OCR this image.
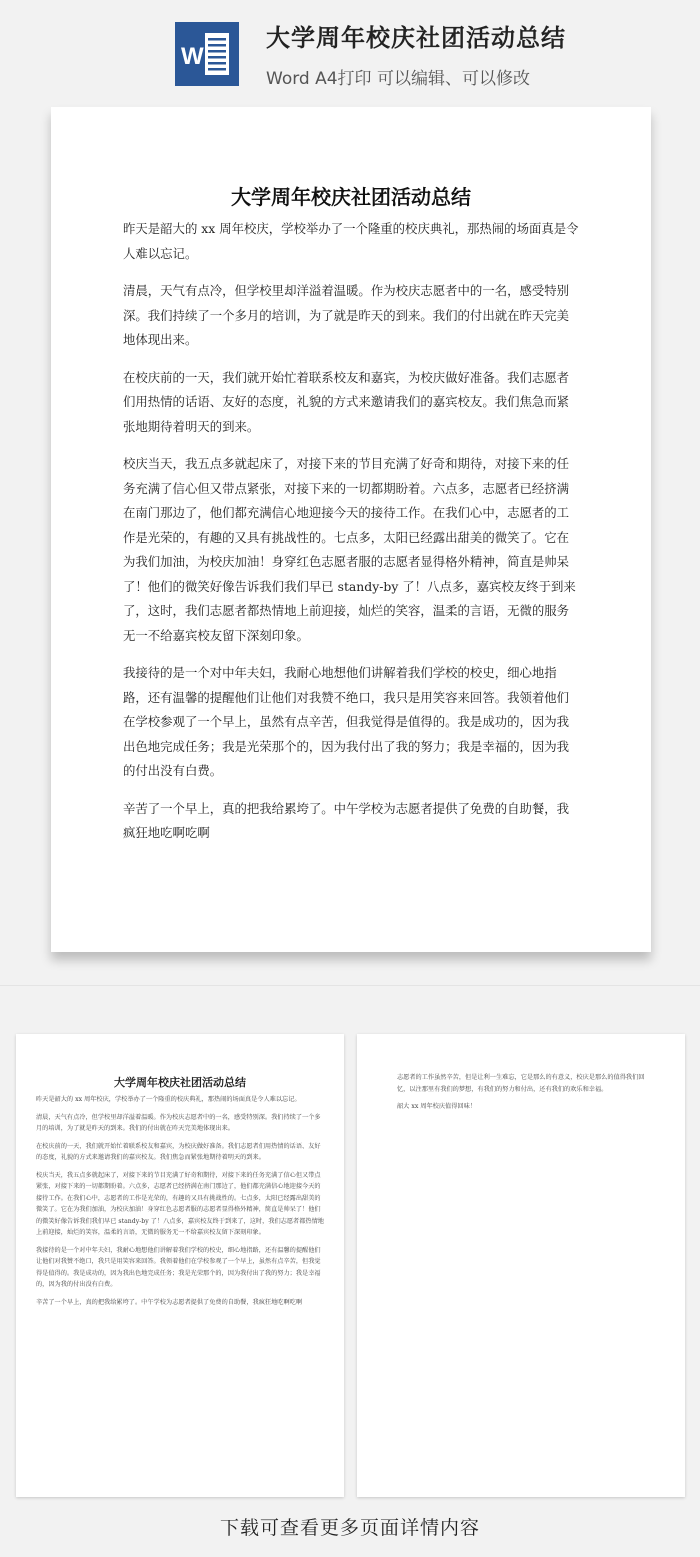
W
大学周年校庆社团活动总结
Word A4打印 可以编辑、可以修改
大学周年校庆社团活动总结

昨天是韶大的 xx 周年校庆，学校举办了一个隆重的校庆典礼，那热闹的场面真是令人难以忘记。

清晨，天气有点冷，但学校里却洋溢着温暖。作为校庆志愿者中的一名，感受特别深。我们持续了一个多月的培训，为了就是昨天的到来。我们的付出就在昨天完美地体现出来。

在校庆前的一天，我们就开始忙着联系校友和嘉宾，为校庆做好准备。我们志愿者们用热情的话语、友好的态度，礼貌的方式来邀请我们的嘉宾校友。我们焦急而紧张地期待着明天的到来。

校庆当天，我五点多就起床了，对接下来的节目充满了好奇和期待，对接下来的任务充满了信心但又带点紧张，对接下来的一切都期盼着。六点多，志愿者已经挤满在南门那边了，他们都充满信心地迎接今天的接待工作。在我们心中，志愿者的工作是光荣的，有趣的又具有挑战性的。七点多，太阳已经露出甜美的微笑了。它在为我们加油，为校庆加油！身穿红色志愿者服的志愿者显得格外精神，简直是帅呆了！他们的微笑好像告诉我们我们早已 standy-by 了！八点多，嘉宾校友终于到来了，这时，我们志愿者都热情地上前迎接，灿烂的笑容，温柔的言语，无微的服务无一不给嘉宾校友留下深刻印象。

我接待的是一个对中年夫妇，我耐心地想他们讲解着我们学校的校史，细心地指路，还有温馨的提醒他们让他们对我赞不绝口，我只是用笑容来回答。我领着他们在学校参观了一个早上，虽然有点辛苦，但我觉得是值得的。我是成功的，因为我出色地完成任务；我是光荣那个的，因为我付出了我的努力；我是幸福的，因为我的付出没有白费。

辛苦了一个早上，真的把我给累垮了。中午学校为志愿者提供了免费的自助餐，我疯狂地吃啊吃啊

大学周年校庆社团活动总结

昨天是韶大的 xx 周年校庆，学校举办了一个隆重的校庆典礼，那热闹的场面真是令人难以忘记。

清晨，天气有点冷，但学校里却洋溢着温暖。作为校庆志愿者中的一名，感受特别深。我们持续了一个多月的培训，为了就是昨天的到来。我们的付出就在昨天完美地体现出来。

在校庆前的一天，我们就开始忙着联系校友和嘉宾，为校庆做好准备。我们志愿者们用热情的话语、友好的态度，礼貌的方式来邀请我们的嘉宾校友。我们焦急而紧张地期待着明天的到来。

校庆当天，我五点多就起床了，对接下来的节目充满了好奇和期待，对接下来的任务充满了信心但又带点紧张，对接下来的一切都期盼着。六点多，志愿者已经挤满在南门那边了，他们都充满信心地迎接今天的接待工作。在我们心中，志愿者的工作是光荣的，有趣的又具有挑战性的。七点多，太阳已经露出甜美的微笑了。它在为我们加油，为校庆加油！身穿红色志愿者服的志愿者显得格外精神，简直是帅呆了！他们的微笑好像告诉我们我们早已 standy-by 了！八点多，嘉宾校友终于到来了，这时，我们志愿者都热情地上前迎接，灿烂的笑容，温柔的言语，无微的服务无一不给嘉宾校友留下深刻印象。

我接待的是一个对中年夫妇，我耐心地想他们讲解着我们学校的校史，细心地指路，还有温馨的提醒他们让他们对我赞不绝口，我只是用笑容来回答。我领着他们在学校参观了一个早上，虽然有点辛苦，但我觉得是值得的。我是成功的，因为我出色地完成任务；我是光荣那个的，因为我付出了我的努力；我是幸福的，因为我的付出没有白费。

辛苦了一个早上，真的把我给累垮了。中午学校为志愿者提供了免费的自助餐，我疯狂地吃啊吃啊

志愿者的工作虽然辛苦，但是让利一生难忘，它是那么的有意义，校庆是那么的值得我们回忆，以注那里有我们的梦想，有我们的努力和付出，还有我们的欢乐和幸福。

韶大 xx 周年校庆值得回味！

下载可查看更多页面详情内容
